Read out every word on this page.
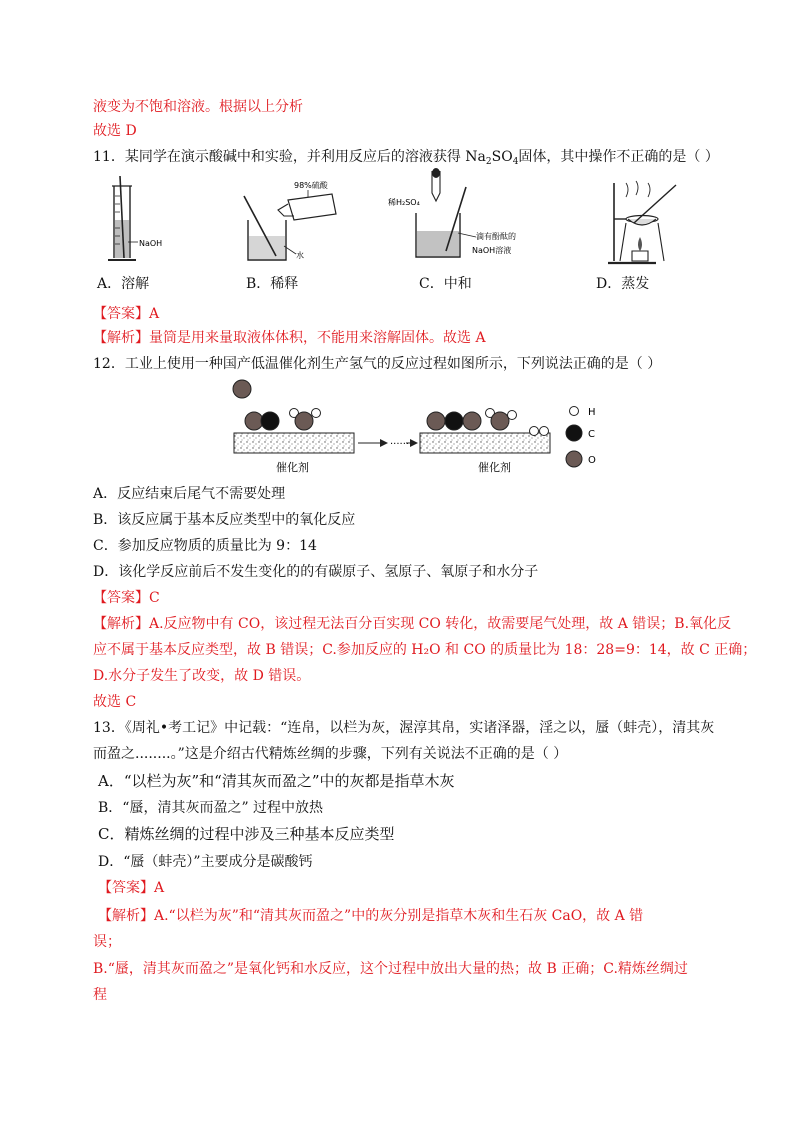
液变为不饱和溶液。根据以上分析
故选 D
11．某同学在演示酸碱中和实验，并利用反应后的溶液获得 $Na_2SO_4$固体，其中操作不正确的是（ ）
NaOH
98%硫酸
水
稀H₂SO₄
滴有酚酞的
NaOH溶液
A．溶解	B．稀释	C．中和	D．蒸发
【答案】A
【解析】量筒是用来量取液体体积，不能用来溶解固体。故选 A
12．工业上使用一种国产低温催化剂生产氢气的反应过程如图所示，下列说法正确的是（ ）
催化剂
······
催化剂
H
C
O
A．反应结束后尾气不需要处理
B．该反应属于基本反应类型中的氧化反应
C．参加反应物质的质量比为 9：14
D．该化学反应前后不发生变化的的有碳原子、氢原子、氧原子和水分子
【答案】C
【解析】A.反应物中有 CO，该过程无法百分百实现 CO 转化，故需要尾气处理，故 A 错误；B.氧化反
应不属于基本反应类型，故 B 错误；C.参加反应的 H₂O 和 CO 的质量比为 18：28=9：14，故 C 正确；
D.水分子发生了改变，故 D 错误。
故选 C
13．《周礼•考工记》中记载：“连帛，以栏为灰，渥淳其帛，实诸泽器，淫之以，蜃（蚌壳），清其灰
而盈之........。”这是介绍古代精炼丝绸的步骤，下列有关说法不正确的是（ ）
A．“以栏为灰”和“清其灰而盈之”中的灰都是指草木灰
B．“蜃，清其灰而盈之” 过程中放热
C．精炼丝绸的过程中涉及三种基本反应类型
D．“蜃（蚌壳）”主要成分是碳酸钙
【答案】A
【解析】A.“以栏为灰”和“清其灰而盈之”中的灰分别是指草木灰和生石灰 CaO，故 A 错
误；
B.“蜃，清其灰而盈之”是氧化钙和水反应，这个过程中放出大量的热；故 B 正确；C.精炼丝绸过
程
